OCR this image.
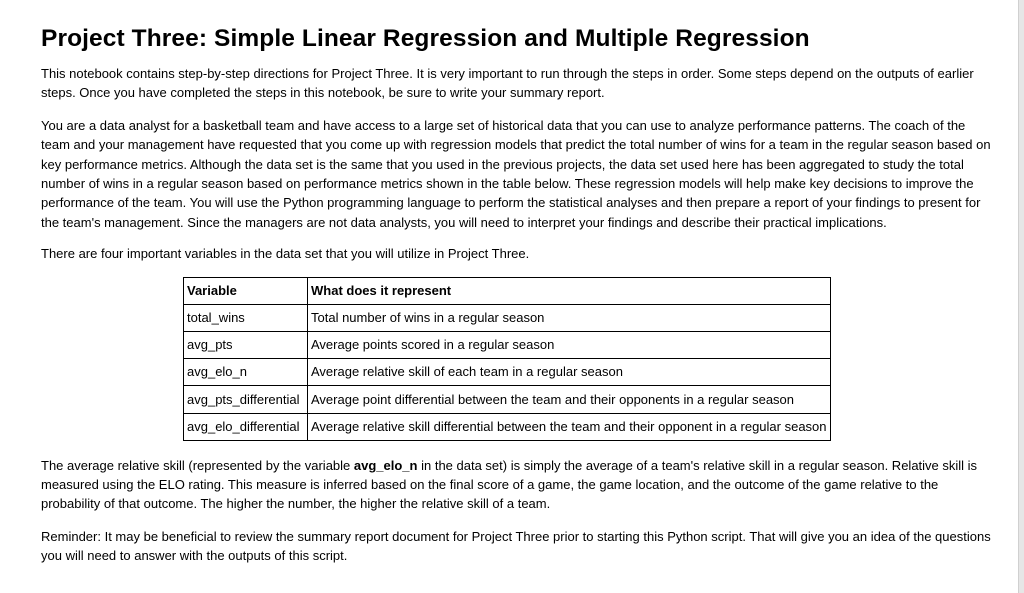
Project Three: Simple Linear Regression and Multiple Regression

This notebook contains step-by-step directions for Project Three. It is very important to run through the steps in order. Some steps depend on the outputs of earlier steps. Once you have completed the steps in this notebook, be sure to write your summary report.

You are a data analyst for a basketball team and have access to a large set of historical data that you can use to analyze performance patterns. The coach of the team and your management have requested that you come up with regression models that predict the total number of wins for a team in the regular season based on key performance metrics. Although the data set is the same that you used in the previous projects, the data set used here has been aggregated to study the total number of wins in a regular season based on performance metrics shown in the table below. These regression models will help make key decisions to improve the performance of the team. You will use the Python programming language to perform the statistical analyses and then prepare a report of your findings to present for the team's management. Since the managers are not data analysts, you will need to interpret your findings and describe their practical implications.

There are four important variables in the data set that you will utilize in Project Three.

Variable	What does it represent
total_wins	Total number of wins in a regular season
avg_pts	Average points scored in a regular season
avg_elo_n	Average relative skill of each team in a regular season
avg_pts_differential	Average point differential between the team and their opponents in a regular season
avg_elo_differential	Average relative skill differential between the team and their opponent in a regular season

The average relative skill (represented by the variable avg_elo_n in the data set) is simply the average of a team's relative skill in a regular season. Relative skill is measured using the ELO rating. This measure is inferred based on the final score of a game, the game location, and the outcome of the game relative to the probability of that outcome. The higher the number, the higher the relative skill of a team.

Reminder: It may be beneficial to review the summary report document for Project Three prior to starting this Python script. That will give you an idea of the questions you will need to answer with the outputs of this script.
